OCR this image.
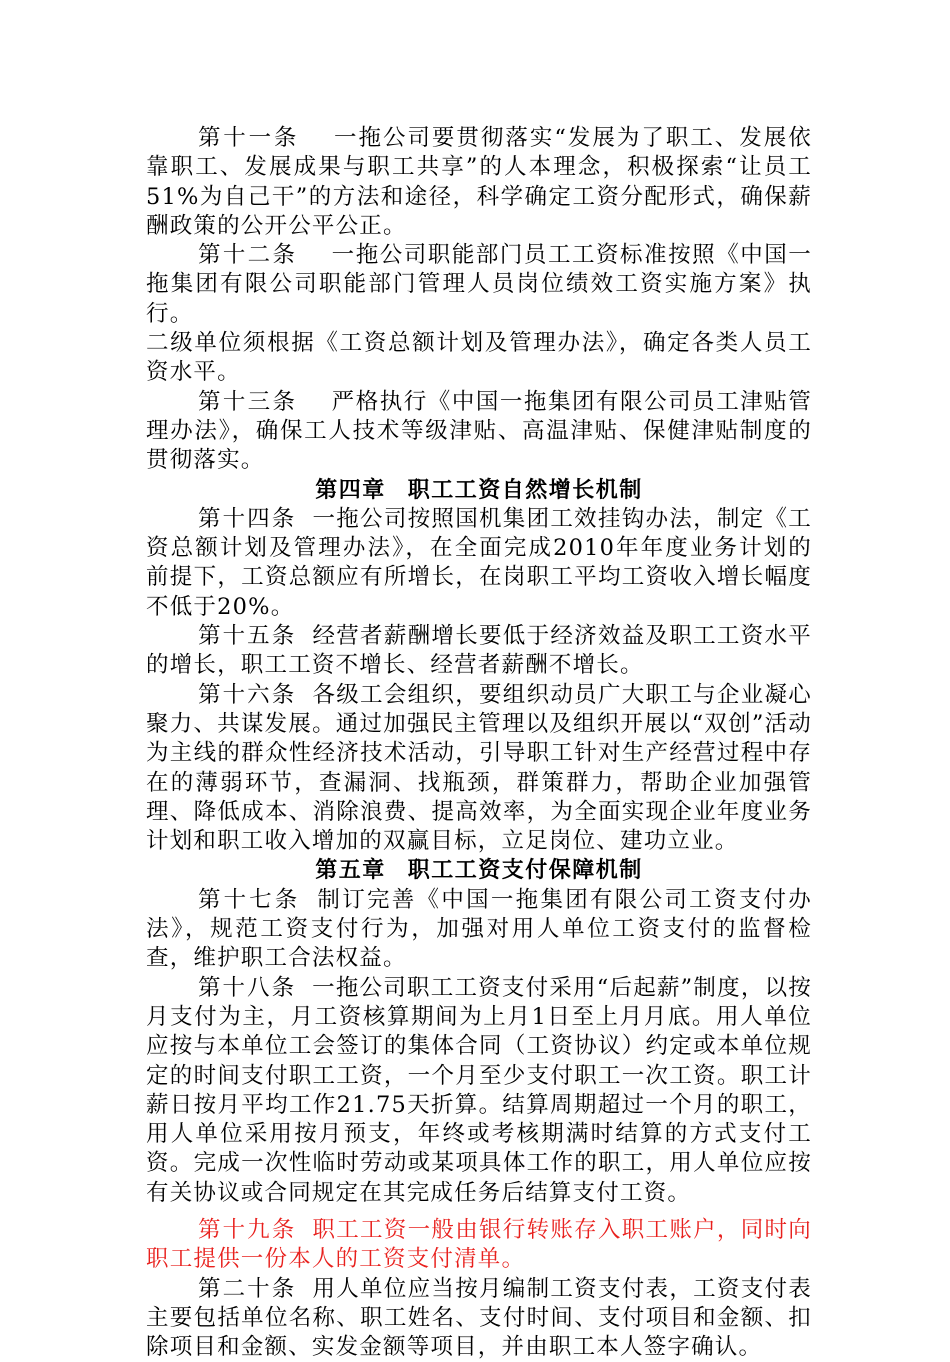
第十一条 一拖公司要贯彻落实“发展为了职工、发展依靠职工、发展成果与职工共享”的人本理念，积极探索“让员工51%为自己干”的方法和途径，科学确定工资分配形式，确保薪酬政策的公开公平公正。

第十二条 一拖公司职能部门员工工资标准按照《中国一拖集团有限公司职能部门管理人员岗位绩效工资实施方案》执行。

二级单位须根据《工资总额计划及管理办法》，确定各类人员工资水平。

第十三条 严格执行《中国一拖集团有限公司员工津贴管理办法》，确保工人技术等级津贴、高温津贴、保健津贴制度的贯彻落实。

第四章 职工工资自然增长机制

第十四条 一拖公司按照国机集团工效挂钩办法，制定《工资总额计划及管理办法》，在全面完成2010年年度业务计划的前提下，工资总额应有所增长，在岗职工平均工资收入增长幅度不低于20%。

第十五条 经营者薪酬增长要低于经济效益及职工工资水平的增长，职工工资不增长、经营者薪酬不增长。

第十六条 各级工会组织，要组织动员广大职工与企业凝心聚力、共谋发展。通过加强民主管理以及组织开展以“双创”活动为主线的群众性经济技术活动，引导职工针对生产经营过程中存在的薄弱环节，查漏洞、找瓶颈，群策群力，帮助企业加强管理、降低成本、消除浪费、提高效率，为全面实现企业年度业务计划和职工收入增加的双赢目标，立足岗位、建功立业。

第五章 职工工资支付保障机制

第十七条 制订完善《中国一拖集团有限公司工资支付办法》，规范工资支付行为，加强对用人单位工资支付的监督检查，维护职工合法权益。

第十八条 一拖公司职工工资支付采用“后起薪”制度，以按月支付为主，月工资核算期间为上月1日至上月月底。用人单位应按与本单位工会签订的集体合同（工资协议）约定或本单位规定的时间支付职工工资，一个月至少支付职工一次工资。职工计薪日按月平均工作21.75天折算。结算周期超过一个月的职工，用人单位采用按月预支，年终或考核期满时结算的方式支付工资。完成一次性临时劳动或某项具体工作的职工，用人单位应按有关协议或合同规定在其完成任务后结算支付工资。

第十九条 职工工资一般由银行转账存入职工账户，同时向职工提供一份本人的工资支付清单。

第二十条 用人单位应当按月编制工资支付表，工资支付表主要包括单位名称、职工姓名、支付时间、支付项目和金额、扣除项目和金额、实发金额等项目，并由职工本人签字确认。
